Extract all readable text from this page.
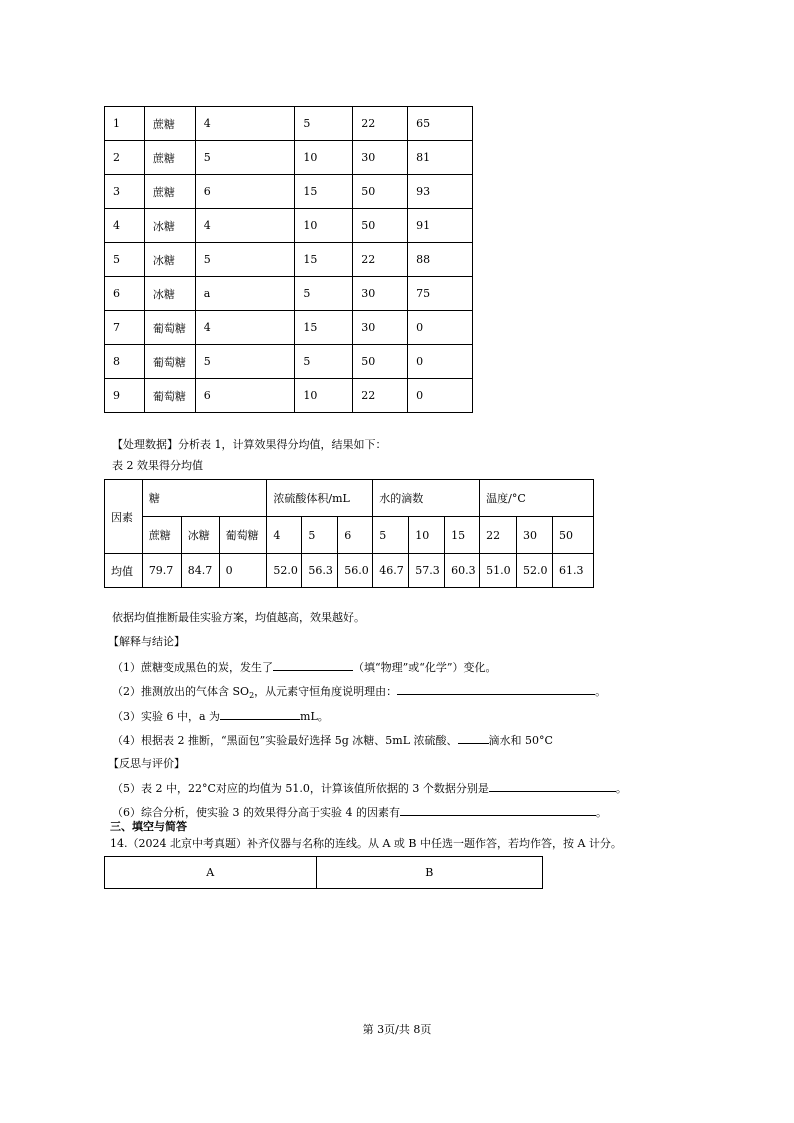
1	蔗糖	4	5	22	65
2	蔗糖	5	10	30	81
3	蔗糖	6	15	50	93
4	冰糖	4	10	50	91
5	冰糖	5	15	22	88
6	冰糖	a	5	30	75
7	葡萄糖	4	15	30	0
8	葡萄糖	5	5	50	0
9	葡萄糖	6	10	22	0
【处理数据】分析表 1，计算效果得分均值，结果如下：
表 2 效果得分均值
因素	糖			浓硫酸体积/mL			水的滴数			温度/°C		
	蔗糖	冰糖	葡萄糖	4	5	6	5	10	15	22	30	50
均值	79.7	84.7	0	52.0	56.3	56.0	46.7	57.3	60.3	51.0	52.0	61.3
依据均值推断最佳实验方案，均值越高，效果越好。
【解释与结论】
（1）蔗糖变成黑色的炭，发生了	（填“物理”或“化学”）变化。
（2）推测放出的气体含 $SO_2$，从元素守恒角度说明理由：	。
（3）实验 6 中，a 为	mL。
（4）根据表 2 推断，“黑面包”实验最好选择 5g 冰糖、5mL 浓硫酸、	滴水和 50°C
【反思与评价】
（5）表 2 中，22°C对应的均值为 51.0，计算该值所依据的 3 个数据分别是	。
（6）综合分析，使实验 3 的效果得分高于实验 4 的因素有	。
三、填空与简答
14.（2024 北京中考真题）补齐仪器与名称的连线。从 A 或 B 中任选一题作答，若均作答，按 A 计分。
A	B
第 3页/共 8页
